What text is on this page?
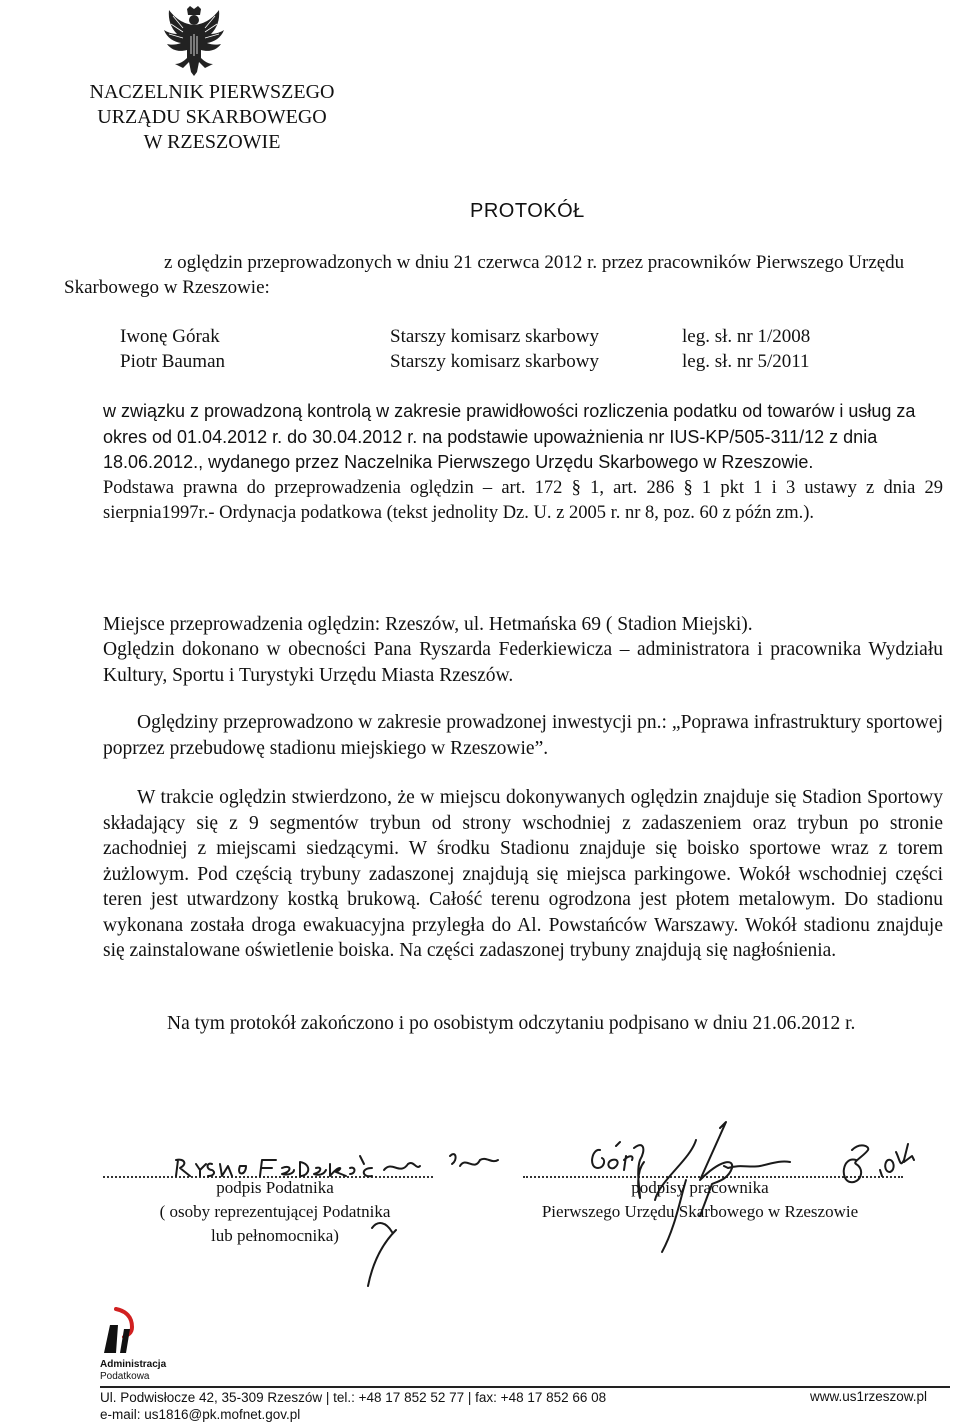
NACZELNIK PIERWSZEGO
URZĄDU SKARBOWEGO
W RZESZOWIE
PROTOKÓŁ

z oględzin przeprowadzonych w dniu 21 czerwca 2012 r. przez pracowników Pierwszego Urzędu Skarbowego w Rzeszowie:

Iwonę Górak	Starszy komisarz skarbowy	leg. sł. nr 1/2008
Piotr Bauman	Starszy komisarz skarbowy	leg. sł. nr 5/2011

w związku z prowadzoną kontrolą w zakresie prawidłowości rozliczenia podatku od towarów i usług za okres od 01.04.2012 r. do 30.04.2012 r. na podstawie upoważnienia nr IUS-KP/505-311/12 z dnia 18.06.2012., wydanego przez Naczelnika Pierwszego Urzędu Skarbowego w Rzeszowie.

Podstawa prawna do przeprowadzenia oględzin – art. 172 § 1, art. 286 § 1 pkt 1 i 3 ustawy z dnia 29 sierpnia1997r.- Ordynacja podatkowa (tekst jednolity Dz. U. z 2005 r. nr 8, poz. 60 z późn zm.).

Miejsce przeprowadzenia oględzin: Rzeszów, ul. Hetmańska 69 ( Stadion Miejski).

Oględzin dokonano w obecności Pana Ryszarda Federkiewicza – administratora i pracownika Wydziału Kultury, Sportu i Turystyki Urzędu Miasta Rzeszów.

Oględziny przeprowadzono w zakresie prowadzonej inwestycji pn.: „Poprawa infrastruktury sportowej poprzez przebudowę stadionu miejskiego w Rzeszowie”.

W trakcie oględzin stwierdzono, że w miejscu dokonywanych oględzin znajduje się Stadion Sportowy składający się z 9 segmentów trybun od strony wschodniej z zadaszeniem oraz trybun po stronie zachodniej z miejscami siedzącymi. W środku Stadionu znajduje się boisko sportowe wraz z torem żużlowym. Pod częścią trybuny zadaszonej znajdują się miejsca parkingowe. Wokół wschodniej części teren jest utwardzony kostką brukową. Całość terenu ogrodzona jest płotem metalowym. Do stadionu wykonana została droga ewakuacyjna przyległa do Al. Powstańców Warszawy. Wokół stadionu znajduje się zainstalowane oświetlenie boiska. Na części zadaszonej trybuny znajdują się nagłośnienia.

Na tym protokół zakończono i po osobistym odczytaniu podpisano w dniu 21.06.2012 r.

podpis Podatnika
( osoby reprezentującej Podatnika
lub pełnomocnika)
podpisy pracownika
Pierwszego Urzędu Skarbowego w Rzeszowie
Administracja
Podatkowa
Ul. Podwisłocze 42, 35-309 Rzeszów | tel.: +48 17 852 52 77 | fax: +48 17 852 66 08
e-mail: us1816@pk.mofnet.gov.pl
www.us1rzeszow.pl
